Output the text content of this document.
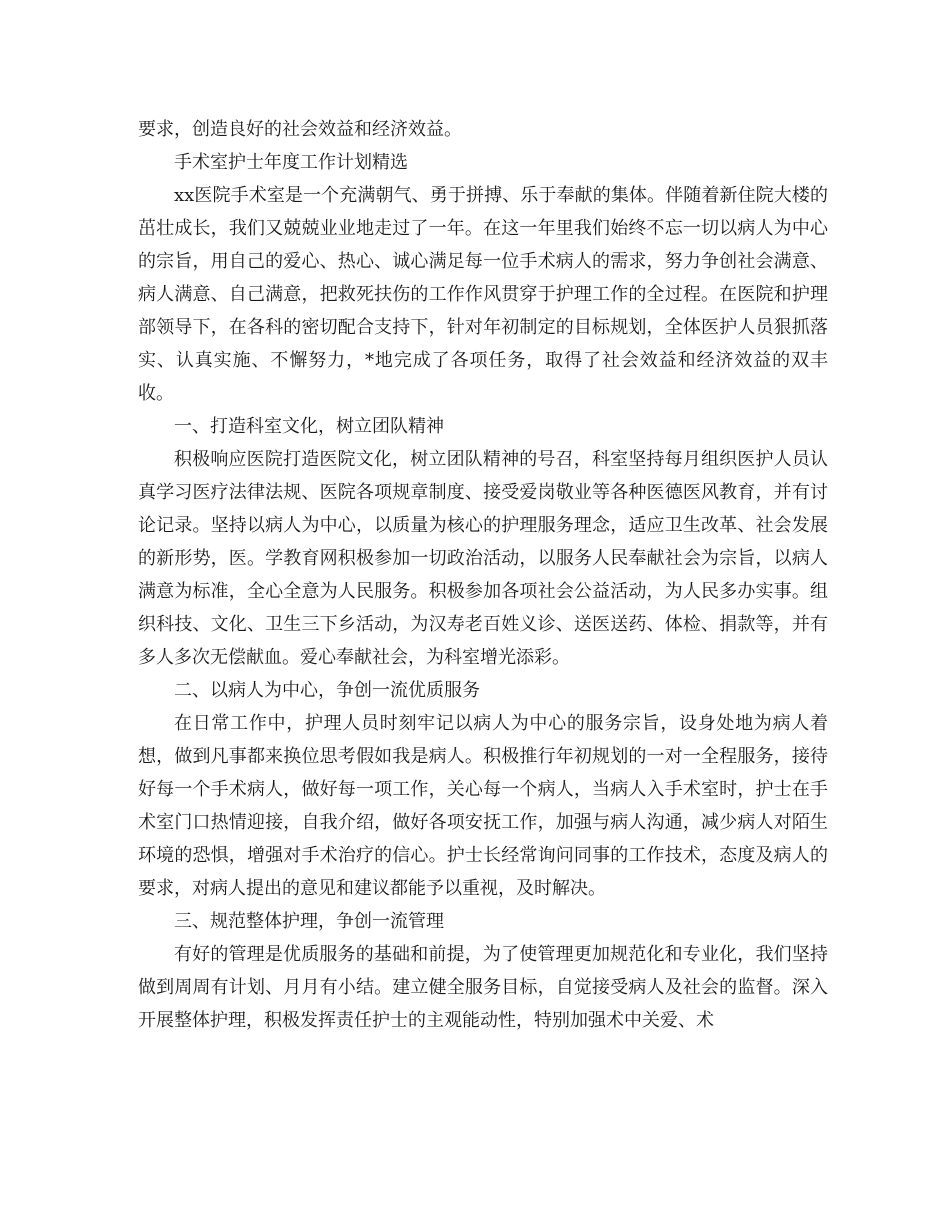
要求，创造良好的社会效益和经济效益。

手术室护士年度工作计划精选

xx医院手术室是一个充满朝气、勇于拼搏、乐于奉献的集体。伴随着新住院大楼的茁壮成长，我们又兢兢业业地走过了一年。在这一年里我们始终不忘一切以病人为中心的宗旨，用自己的爱心、热心、诚心满足每一位手术病人的需求，努力争创社会满意、病人满意、自己满意，把救死扶伤的工作作风贯穿于护理工作的全过程。在医院和护理部领导下，在各科的密切配合支持下，针对年初制定的目标规划，全体医护人员狠抓落实、认真实施、不懈努力，*地完成了各项任务，取得了社会效益和经济效益的双丰收。

一、打造科室文化，树立团队精神

积极响应医院打造医院文化，树立团队精神的号召，科室坚持每月组织医护人员认真学习医疗法律法规、医院各项规章制度、接受爱岗敬业等各种医德医风教育，并有讨论记录。坚持以病人为中心，以质量为核心的护理服务理念，适应卫生改革、社会发展的新形势，医。学教育网积极参加一切政治活动，以服务人民奉献社会为宗旨，以病人满意为标准，全心全意为人民服务。积极参加各项社会公益活动，为人民多办实事。组织科技、文化、卫生三下乡活动，为汉寿老百姓义诊、送医送药、体检、捐款等，并有多人多次无偿献血。爱心奉献社会，为科室增光添彩。

二、以病人为中心，争创一流优质服务

在日常工作中，护理人员时刻牢记以病人为中心的服务宗旨，设身处地为病人着想，做到凡事都来换位思考假如我是病人。积极推行年初规划的一对一全程服务，接待好每一个手术病人，做好每一项工作，关心每一个病人，当病人入手术室时，护士在手术室门口热情迎接，自我介绍，做好各项安抚工作，加强与病人沟通，减少病人对陌生环境的恐惧，增强对手术治疗的信心。护士长经常询问同事的工作技术，态度及病人的要求，对病人提出的意见和建议都能予以重视，及时解决。

三、规范整体护理，争创一流管理

有好的管理是优质服务的基础和前提，为了使管理更加规范化和专业化，我们坚持做到周周有计划、月月有小结。建立健全服务目标，自觉接受病人及社会的监督。深入开展整体护理，积极发挥责任护士的主观能动性，特别加强术中关爱、术
